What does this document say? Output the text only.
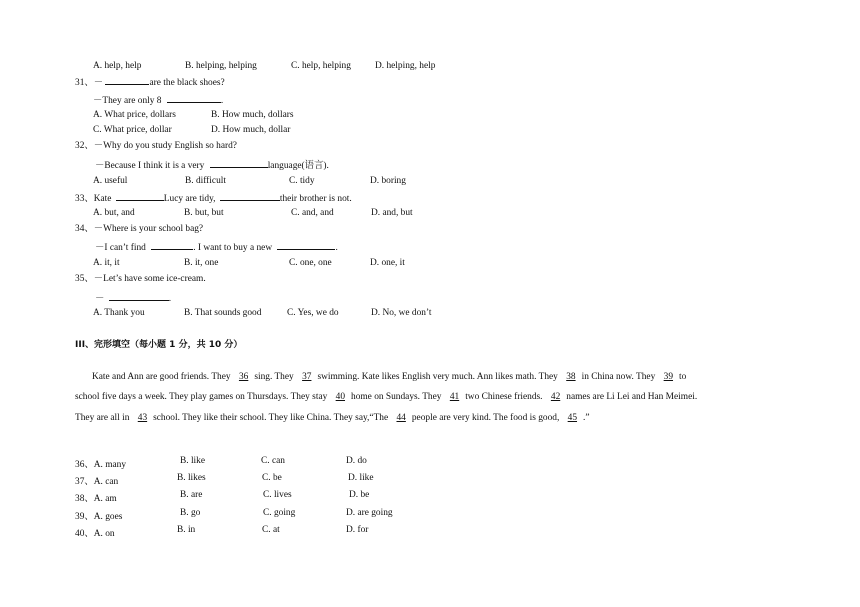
A. help, help	B. helping, helping	C. help, helping	D. helping, help
31、－	are the black shoes?
－They are only 8	.
A. What price, dollars	B. How much, dollars
C. What price, dollar	D. How much, dollar
32、－Why do you study English so hard?
－Because I think it is a very	language(语言).
A. useful	B. difficult	C. tidy	D. boring
33、Kate	Lucy are tidy,	their brother is not.
A. but, and	B. but, but	C. and, and	D. and, but
34、－Where is your school bag?
－I can’t find	. I want to buy a new	.
A. it, it	B. it, one	C. one, one	D. one, it
35、－Let’s have some ice-cream.
－	.
A. Thank you	B. That sounds good	C. Yes, we do	D. No, we don’t
III、完形填空（每小题 1 分，共 10 分）
Kate and Ann are good friends. They 36 sing. They 37 swimming. Kate likes English very much. Ann likes math. They 38 in China now. They 39 to
school five days a week. They play games on Thursdays. They stay 40 home on Sundays. They 41 two Chinese friends. 42 names are Li Lei and Han Meimei.
They are all in 43 school. They like their school. They like China. They say,“The 44 people are very kind. The food is good, 45 .”
36、A. many	B. like	C. can	D. do
37、A. can	B. likes	C. be	D. like
38、A. am	B. are	C. lives	D. be
39、A. goes	B. go	C. going	D. are going
40、A. on	B. in	C. at	D. for
